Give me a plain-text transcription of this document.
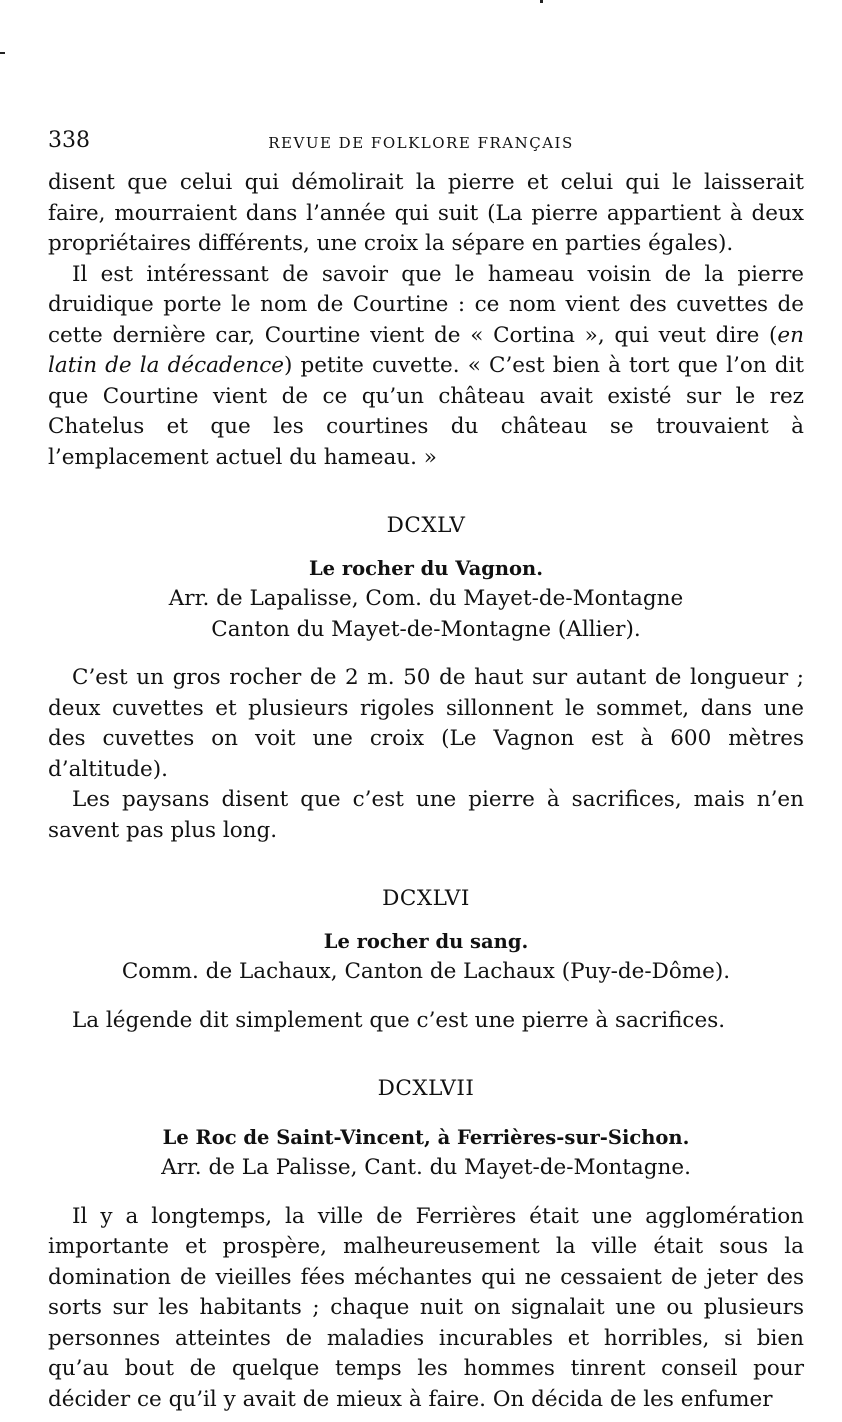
338	REVUE DE FOLKLORE FRANÇAIS

disent que celui qui démolirait la pierre et celui qui le laisserait faire, mourraient dans l’année qui suit (La pierre appartient à deux propriétaires différents, une croix la sépare en parties égales).

Il est intéressant de savoir que le hameau voisin de la pierre druidique porte le nom de Courtine : ce nom vient des cuvettes de cette dernière car, Courtine vient de « Cortina », qui veut dire (en latin de la décadence) petite cuvette. « C’est bien à tort que l’on dit que Courtine vient de ce qu’un château avait existé sur le rez Chatelus et que les courtines du château se trouvaient à l’emplacement actuel du hameau. »

DCXLV
Le rocher du Vagnon.
Arr. de Lapalisse, Com. du Mayet-de-Montagne
Canton du Mayet-de-Montagne (Allier).

C’est un gros rocher de 2 m. 50 de haut sur autant de longueur ; deux cuvettes et plusieurs rigoles sillonnent le sommet, dans une des cuvettes on voit une croix (Le Vagnon est à 600 mètres d’altitude).

Les paysans disent que c’est une pierre à sacrifices, mais n’en savent pas plus long.

DCXLVI
Le rocher du sang.
Comm. de Lachaux, Canton de Lachaux (Puy-de-Dôme).

La légende dit simplement que c’est une pierre à sacrifices.

DCXLVII
Le Roc de Saint-Vincent, à Ferrières-sur-Sichon.
Arr. de La Palisse, Cant. du Mayet-de-Montagne.

Il y a longtemps, la ville de Ferrières était une agglomération importante et prospère, malheureusement la ville était sous la domination de vieilles fées méchantes qui ne cessaient de jeter des sorts sur les habitants ; chaque nuit on signalait une ou plusieurs personnes atteintes de maladies incurables et horribles, si bien qu’au bout de quelque temps les hommes tinrent conseil pour décider ce qu’il y avait de mieux à faire. On décida de les enfumer
